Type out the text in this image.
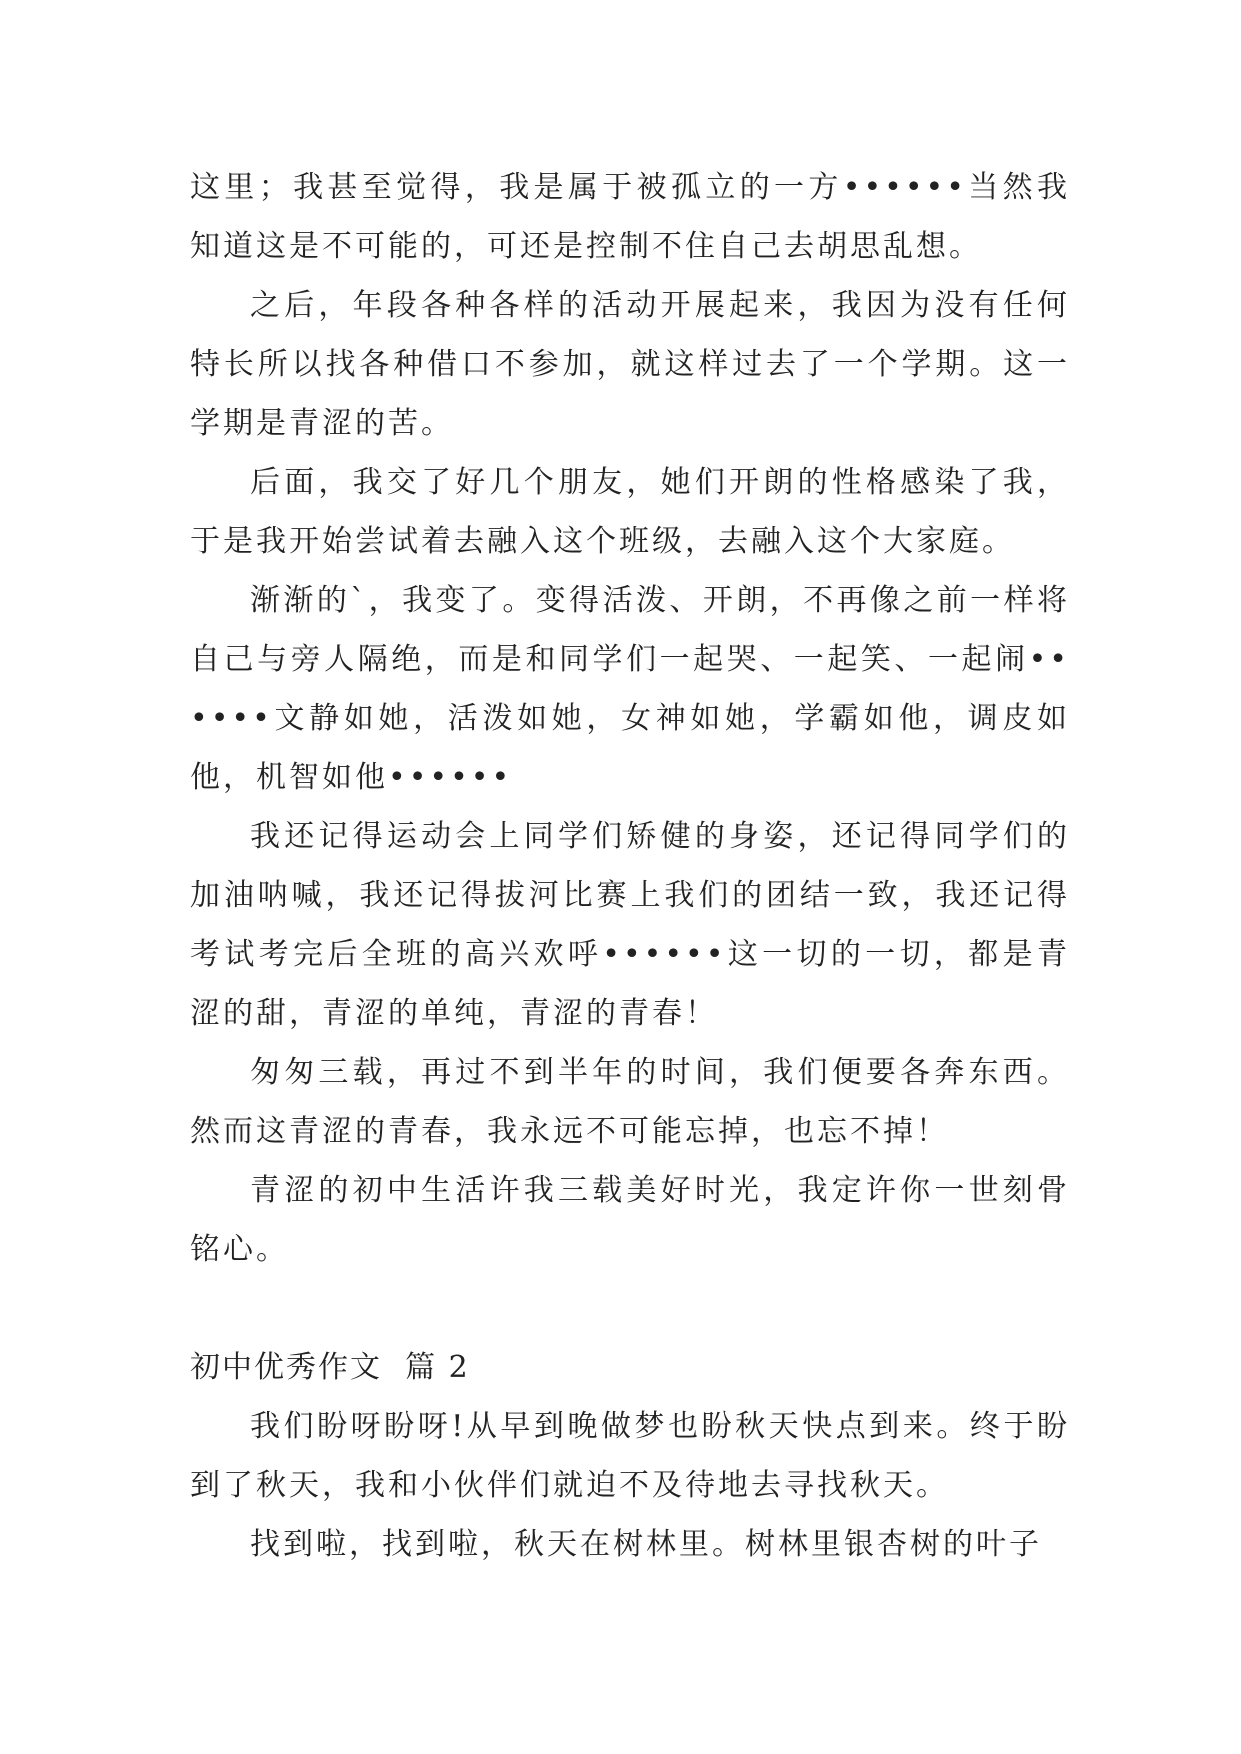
这里；我甚至觉得，我是属于被孤立的一方••••••当然我知道这是不可能的，可还是控制不住自己去胡思乱想。

之后，年段各种各样的活动开展起来，我因为没有任何特长所以找各种借口不参加，就这样过去了一个学期。这一学期是青涩的苦。

后面，我交了好几个朋友，她们开朗的性格感染了我，于是我开始尝试着去融入这个班级，去融入这个大家庭。

渐渐的`，我变了。变得活泼、开朗，不再像之前一样将自己与旁人隔绝，而是和同学们一起哭、一起笑、一起闹••••••文静如她，活泼如她，女神如她，学霸如他，调皮如他，机智如他••••••

我还记得运动会上同学们矫健的身姿，还记得同学们的加油呐喊，我还记得拔河比赛上我们的团结一致，我还记得考试考完后全班的高兴欢呼••••••这一切的一切，都是青涩的甜，青涩的单纯，青涩的青春！

匆匆三载，再过不到半年的时间，我们便要各奔东西。然而这青涩的青春，我永远不可能忘掉，也忘不掉！

青涩的初中生活许我三载美好时光，我定许你一世刻骨铭心。

初中优秀作文 篇 2

我们盼呀盼呀!从早到晚做梦也盼秋天快点到来。终于盼到了秋天，我和小伙伴们就迫不及待地去寻找秋天。

找到啦，找到啦，秋天在树林里。树林里银杏树的叶子
